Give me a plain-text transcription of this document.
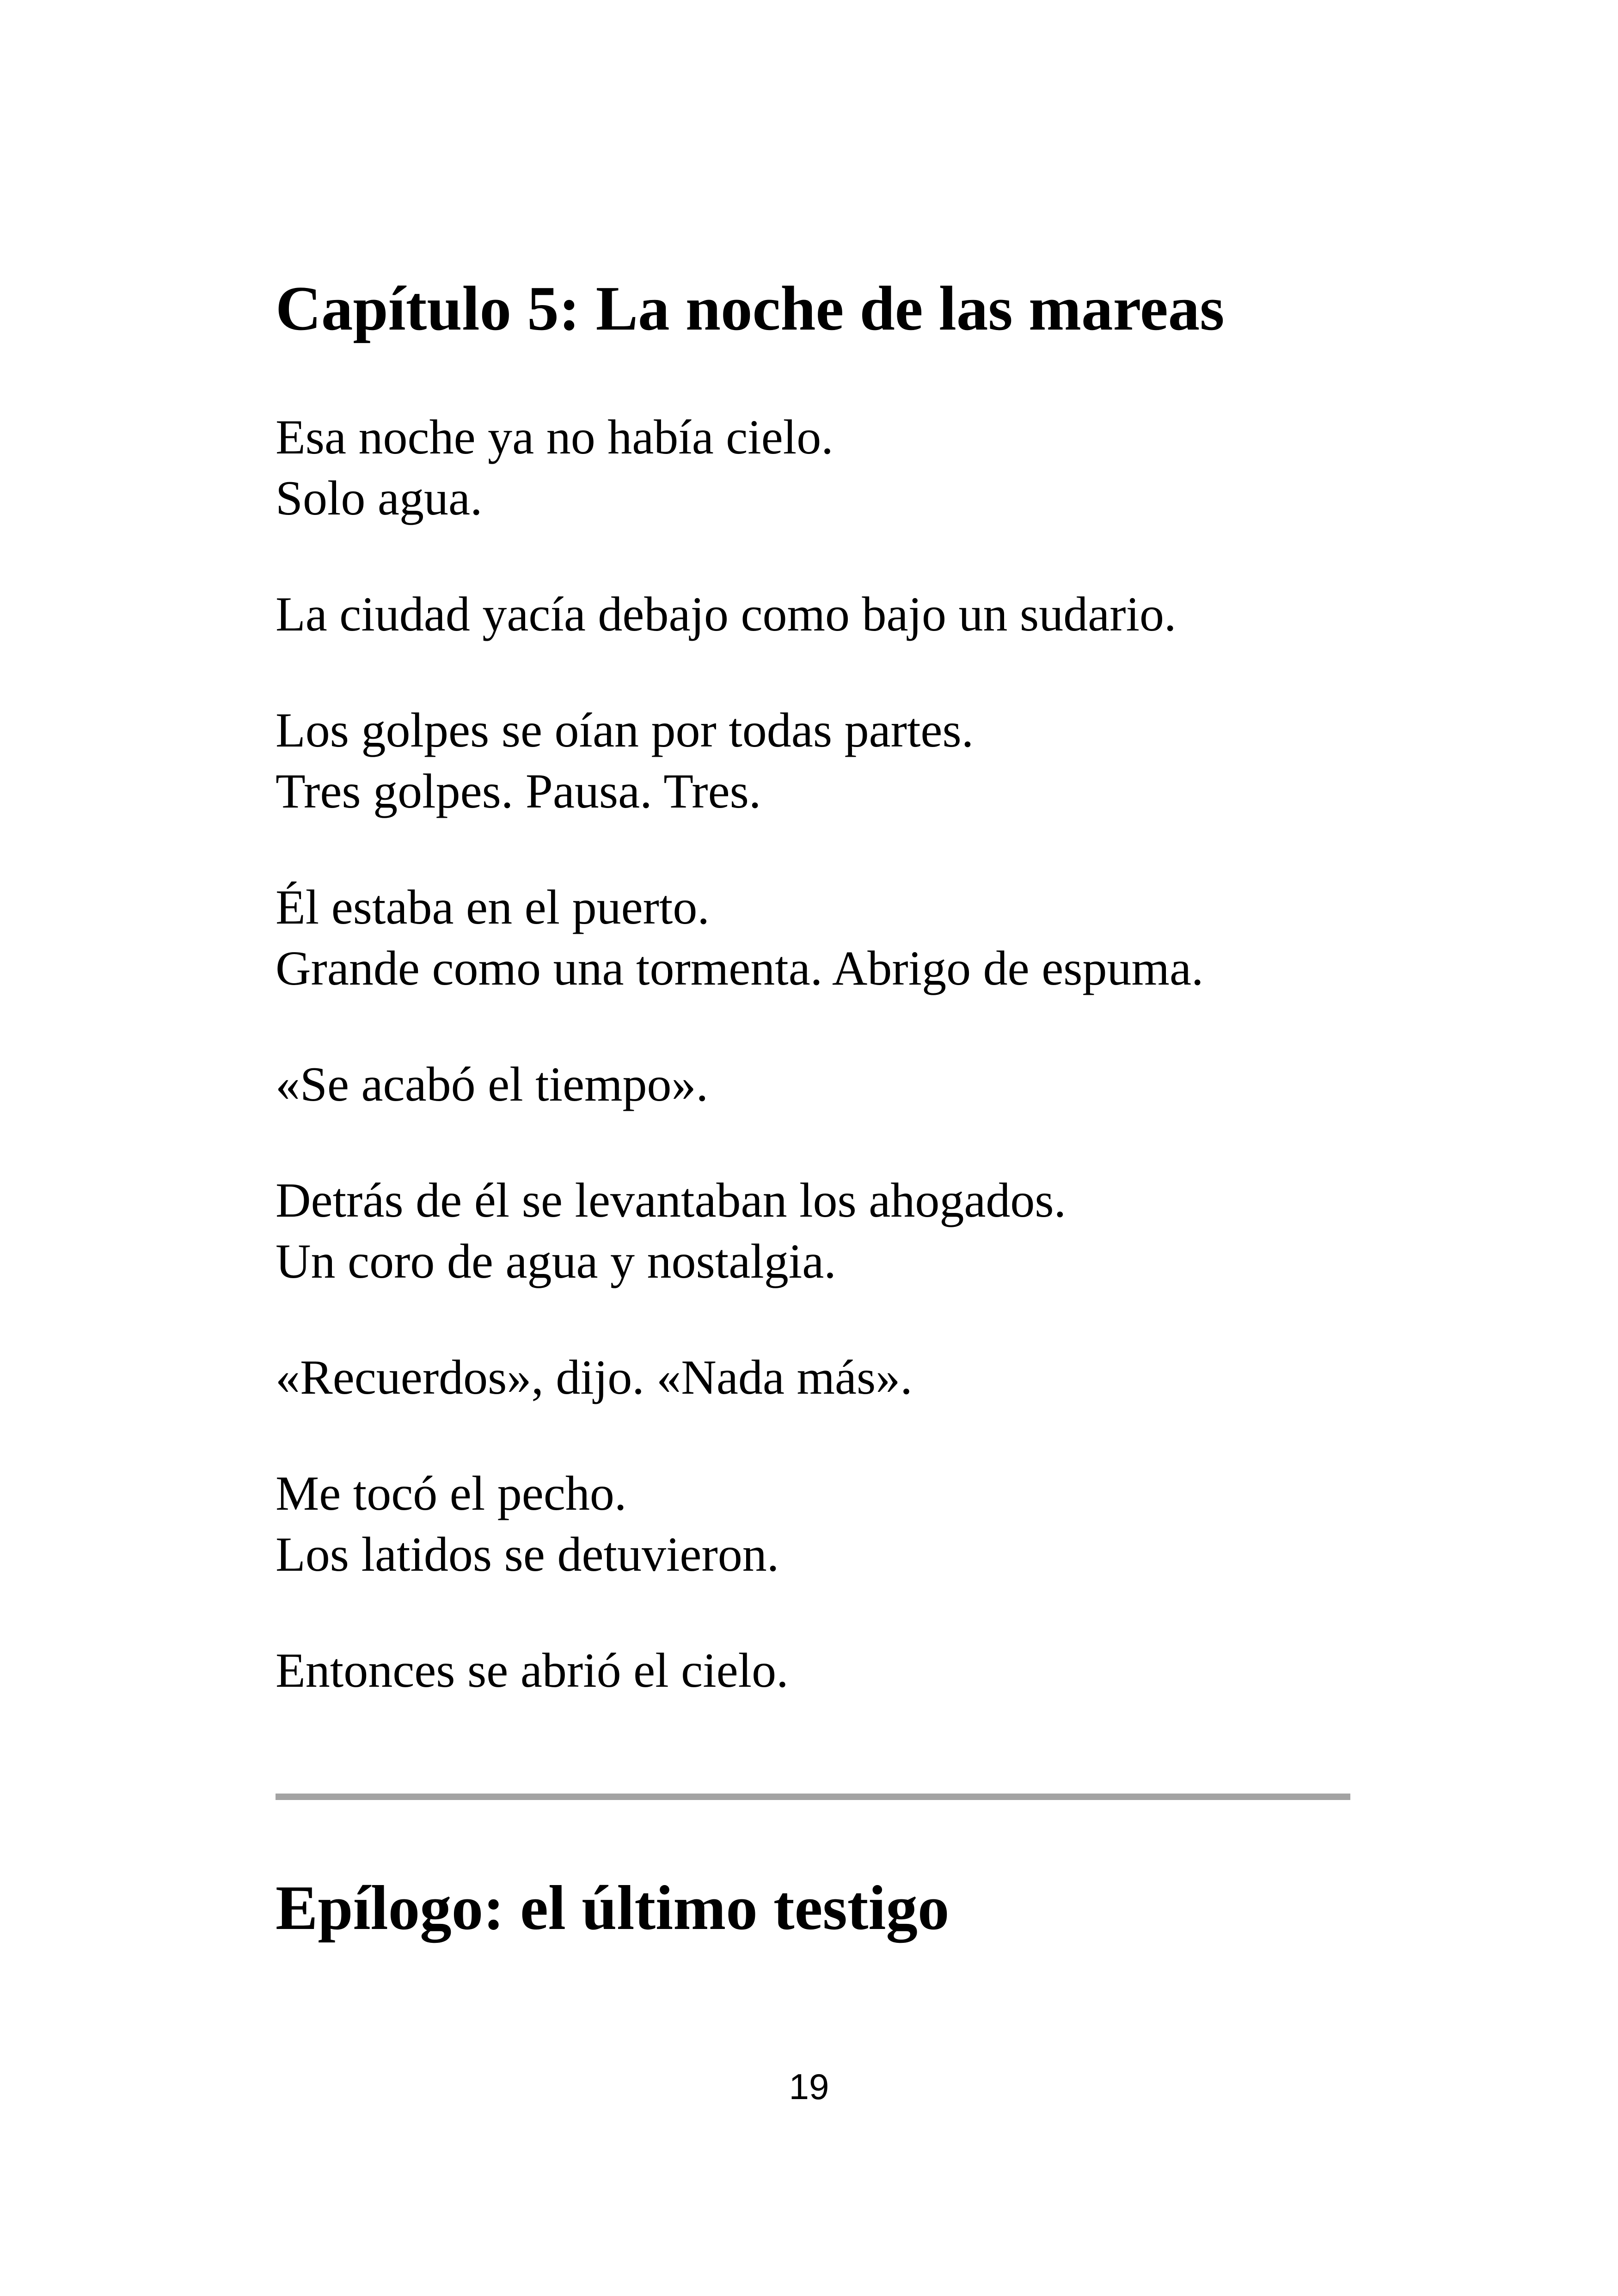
Capítulo 5: La noche de las mareas

Esa noche ya no había cielo.
Solo agua.

La ciudad yacía debajo como bajo un sudario.

Los golpes se oían por todas partes.
Tres golpes. Pausa. Tres.

Él estaba en el puerto.
Grande como una tormenta. Abrigo de espuma.

«Se acabó el tiempo».

Detrás de él se levantaban los ahogados.
Un coro de agua y nostalgia.

«Recuerdos», dijo. «Nada más».

Me tocó el pecho.
Los latidos se detuvieron.

Entonces se abrió el cielo.

Epílogo: el último testigo
19
